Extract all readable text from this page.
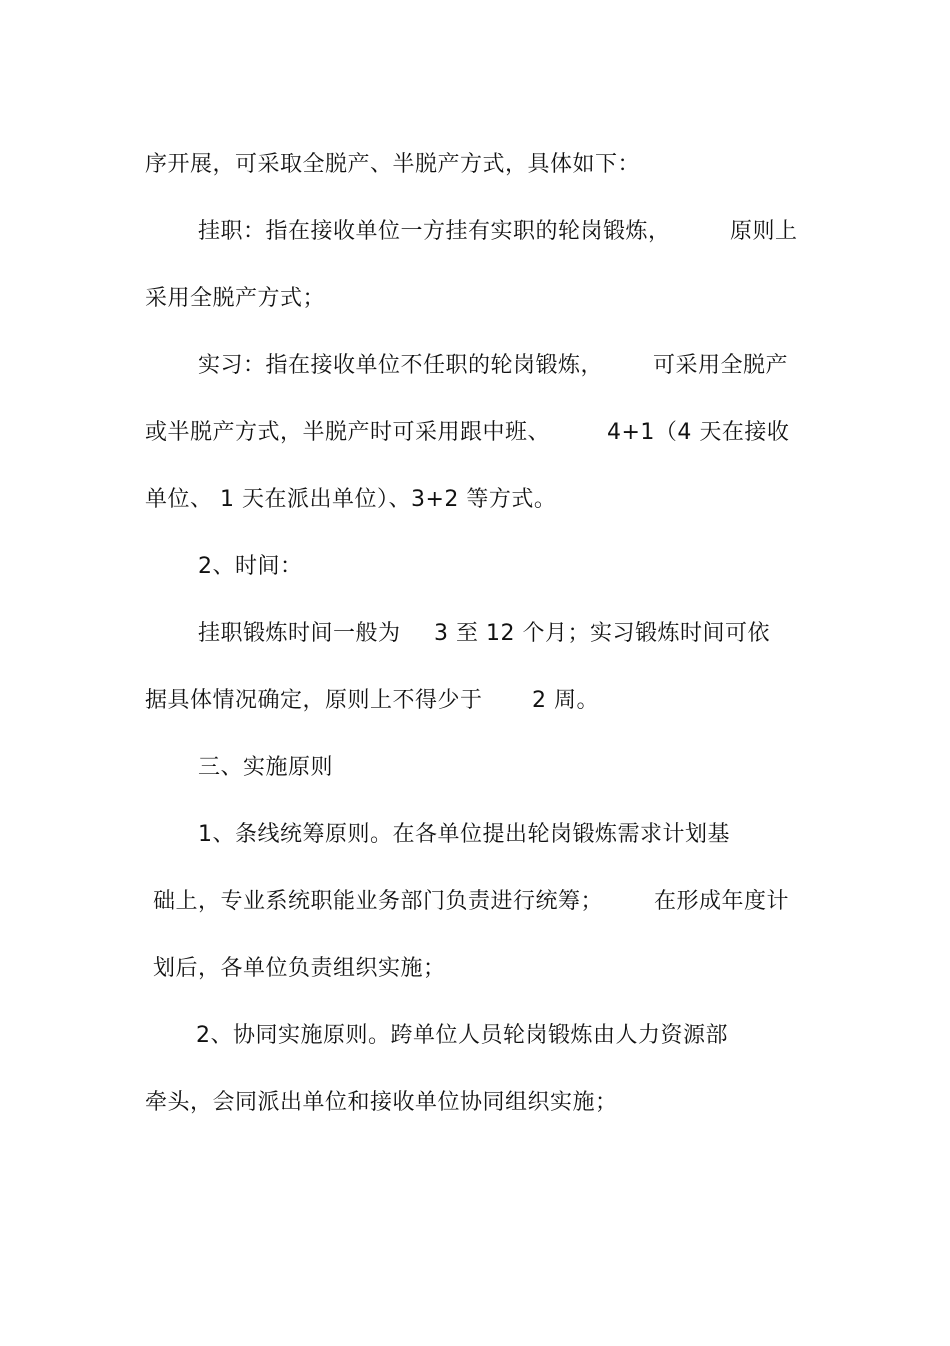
序开展，可采取全脱产、半脱产方式，具体如下：
挂职：指在接收单位一方挂有实职的轮岗锻炼，	原则上
采用全脱产方式；
实习：指在接收单位不任职的轮岗锻炼， 可采用全脱产
或半脱产方式，半脱产时可采用跟中班、	4+1（4 天在接收
单位、 1 天在派出单位）、3+2 等方式。
2、时间：
挂职锻炼时间一般为 3 至 12 个月；实习锻炼时间可依
据具体情况确定，原则上不得少于 2 周。
三、实施原则
1、条线统筹原则。在各单位提出轮岗锻炼需求计划基
础上，专业系统职能业务部门负责进行统筹； 在形成年度计
划后，各单位负责组织实施；
2、协同实施原则。跨单位人员轮岗锻炼由人力资源部
牵头，会同派出单位和接收单位协同组织实施；
